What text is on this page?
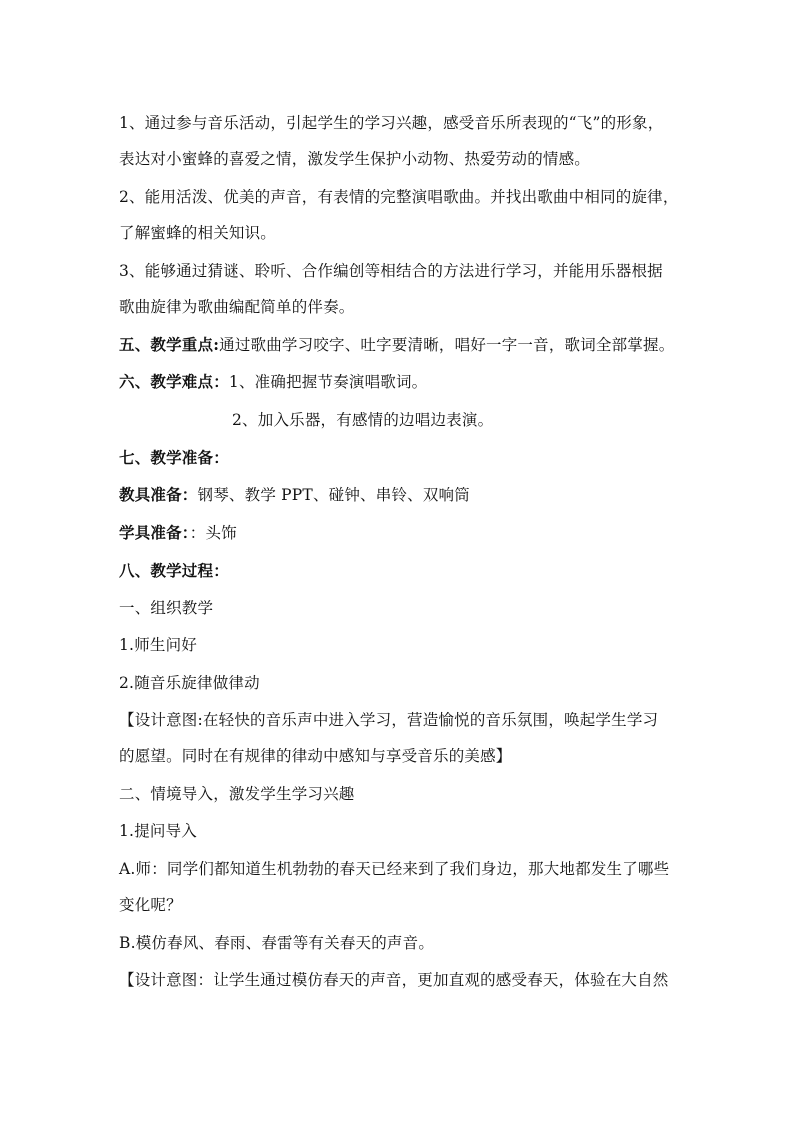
1、通过参与音乐活动，引起学生的学习兴趣，感受音乐所表现的“飞”的形象，
表达对小蜜蜂的喜爱之情，激发学生保护小动物、热爱劳动的情感。
2、能用活泼、优美的声音，有表情的完整演唱歌曲。并找出歌曲中相同的旋律，
了解蜜蜂的相关知识。
3、能够通过猜谜、聆听、合作编创等相结合的方法进行学习，并能用乐器根据
歌曲旋律为歌曲编配简单的伴奏。
五、教学重点:通过歌曲学习咬字、吐字要清晰，唱好一字一音，歌词全部掌握。
六、教学难点：1、准确把握节奏演唱歌词。
2、加入乐器，有感情的边唱边表演。
七、教学准备：
教具准备：钢琴、教学 PPT、碰钟、串铃、双响筒
学具准备：：头饰
八、教学过程：
一、组织教学
1.师生问好
2.随音乐旋律做律动
【设计意图:在轻快的音乐声中进入学习，营造愉悦的音乐氛围，唤起学生学习
的愿望。同时在有规律的律动中感知与享受音乐的美感】
二、情境导入，激发学生学习兴趣
1.提问导入
A.师：同学们都知道生机勃勃的春天已经来到了我们身边，那大地都发生了哪些
变化呢？
B.模仿春风、春雨、春雷等有关春天的声音。
【设计意图：让学生通过模仿春天的声音，更加直观的感受春天，体验在大自然
